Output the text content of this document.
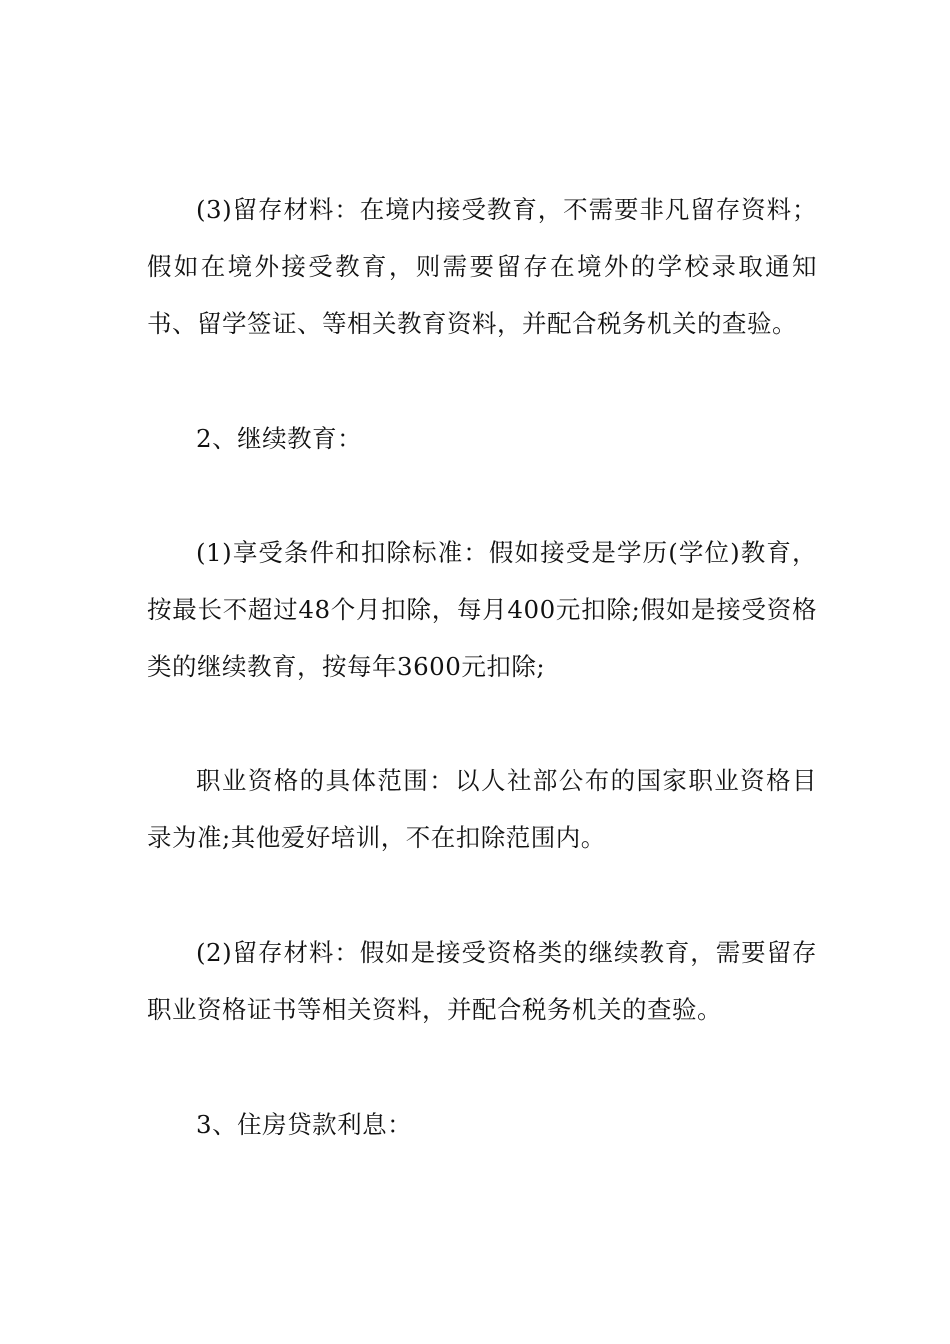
(3)留存材料：在境内接受教育，不需要非凡留存资料；假如在境外接受教育，则需要留存在境外的学校录取通知书、留学签证、等相关教育资料，并配合税务机关的查验。

2、继续教育：

(1)享受条件和扣除标准：假如接受是学历(学位)教育，按最长不超过48个月扣除，每月400元扣除;假如是接受资格类的继续教育，按每年3600元扣除;

职业资格的具体范围：以人社部公布的国家职业资格目录为准;其他爱好培训，不在扣除范围内。

(2)留存材料：假如是接受资格类的继续教育，需要留存职业资格证书等相关资料，并配合税务机关的查验。

3、住房贷款利息：
